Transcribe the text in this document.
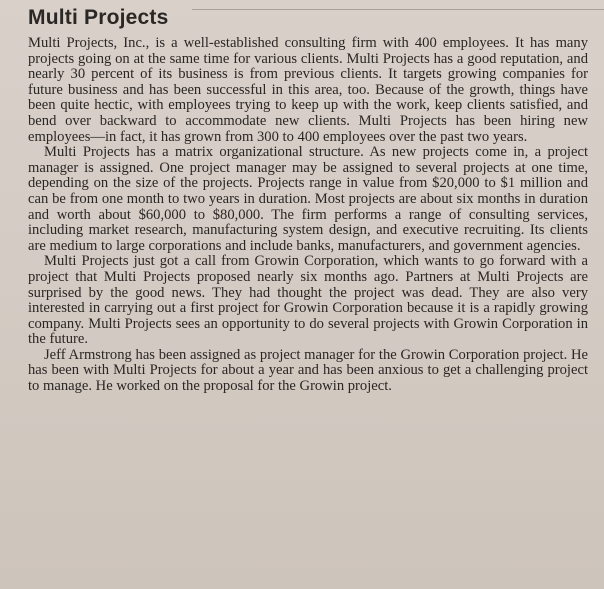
Multi Projects

Multi Projects, Inc., is a well-established consulting firm with 400 employees. It has many projects going on at the same time for various clients. Multi Projects has a good reputation, and nearly 30 percent of its business is from previous clients. It targets growing companies for future business and has been successful in this area, too. Because of the growth, things have been quite hectic, with employees trying to keep up with the work, keep clients satisfied, and bend over backward to accommodate new clients. Multi Projects has been hiring new employees—in fact, it has grown from 300 to 400 employees over the past two years.

Multi Projects has a matrix organizational structure. As new projects come in, a project manager is assigned. One project manager may be assigned to several projects at one time, depending on the size of the projects. Projects range in value from $20,000 to $1 million and can be from one month to two years in duration. Most projects are about six months in duration and worth about $60,000 to $80,000. The firm performs a range of consulting services, including market research, manufacturing system design, and executive recruiting. Its clients are medium to large corporations and include banks, manufacturers, and government agencies.

Multi Projects just got a call from Growin Corporation, which wants to go forward with a project that Multi Projects proposed nearly six months ago. Partners at Multi Projects are surprised by the good news. They had thought the project was dead. They are also very interested in carrying out a first project for Growin Corporation because it is a rapidly growing company. Multi Projects sees an opportunity to do several projects with Growin Corporation in the future.

Jeff Armstrong has been assigned as project manager for the Growin Corporation project. He has been with Multi Projects for about a year and has been anxious to get a challenging project to manage. He worked on the proposal for the Growin project.
